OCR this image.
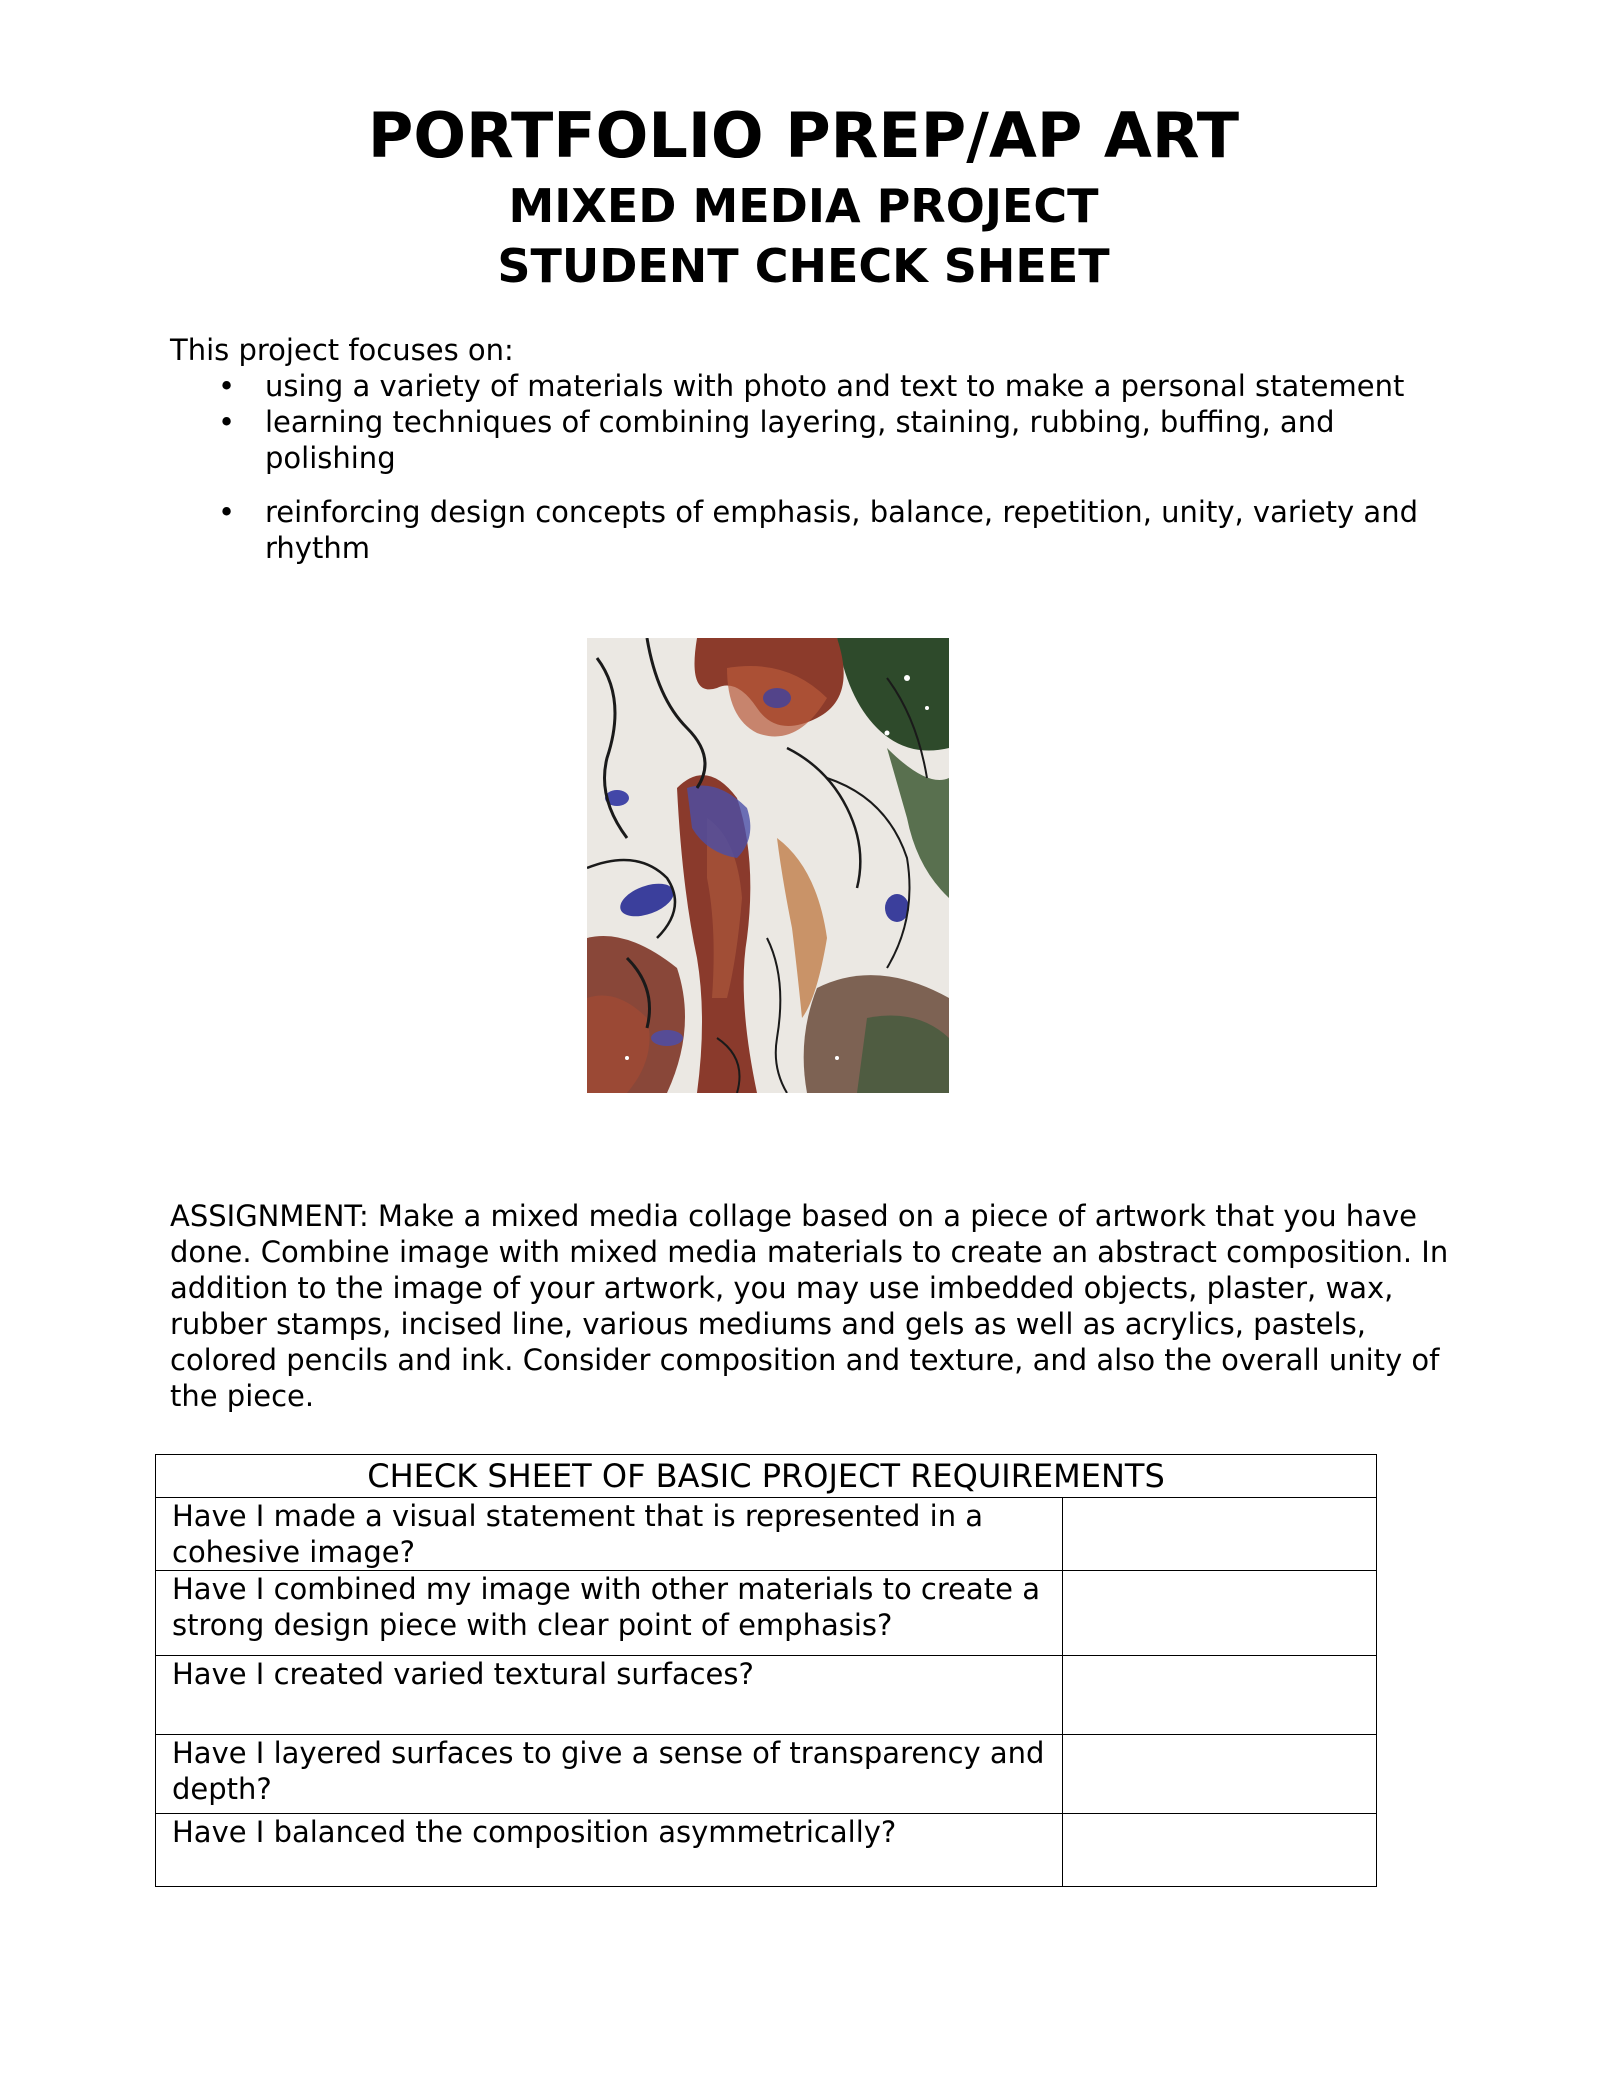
PORTFOLIO PREP/AP ART
MIXED MEDIA PROJECT
STUDENT CHECK SHEET
This project focuses on:
• using a variety of materials with photo and text to make a personal statement
• learning techniques of combining layering, staining, rubbing, buffing, and polishing
• reinforcing design concepts of emphasis, balance, repetition, unity, variety and rhythm

ASSIGNMENT: Make a mixed media collage based on a piece of artwork that you have done. Combine image with mixed media materials to create an abstract composition. In addition to the image of your artwork, you may use imbedded objects, plaster, wax, rubber stamps, incised line, various mediums and gels as well as acrylics, pastels, colored pencils and ink. Consider composition and texture, and also the overall unity of the piece.

CHECK SHEET OF BASIC PROJECT REQUIREMENTS	
Have I made a visual statement that is represented in a cohesive image?	
Have I combined my image with other materials to create a strong design piece with clear point of emphasis?	
Have I created varied textural surfaces?	
Have I layered surfaces to give a sense of transparency and depth?	
Have I balanced the composition asymmetrically?	
